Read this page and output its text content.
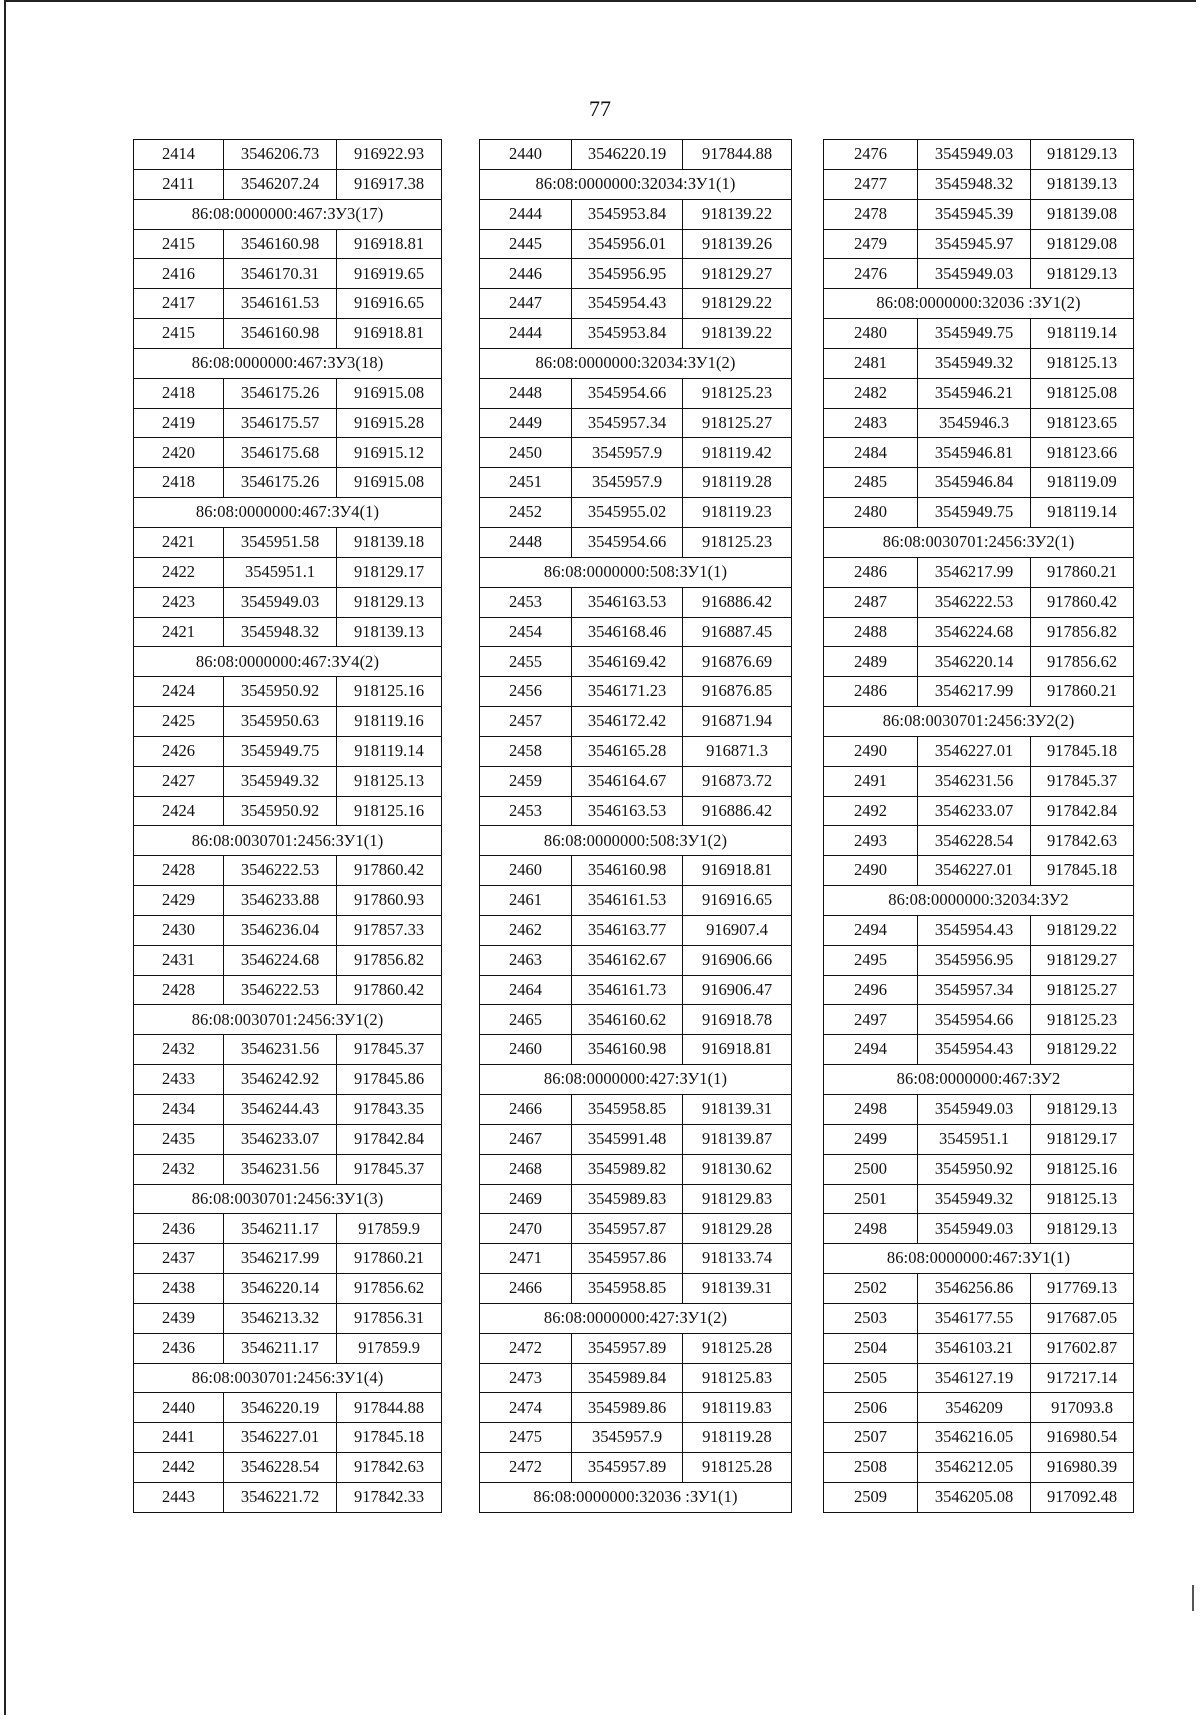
77
2414	3546206.73	916922.93
2411	3546207.24	916917.38
86:08:0000000:467:ЗУ3(17)		
2415	3546160.98	916918.81
2416	3546170.31	916919.65
2417	3546161.53	916916.65
2415	3546160.98	916918.81
86:08:0000000:467:ЗУ3(18)		
2418	3546175.26	916915.08
2419	3546175.57	916915.28
2420	3546175.68	916915.12
2418	3546175.26	916915.08
86:08:0000000:467:ЗУ4(1)		
2421	3545951.58	918139.18
2422	3545951.1	918129.17
2423	3545949.03	918129.13
2421	3545948.32	918139.13
86:08:0000000:467:ЗУ4(2)		
2424	3545950.92	918125.16
2425	3545950.63	918119.16
2426	3545949.75	918119.14
2427	3545949.32	918125.13
2424	3545950.92	918125.16
86:08:0030701:2456:ЗУ1(1)		
2428	3546222.53	917860.42
2429	3546233.88	917860.93
2430	3546236.04	917857.33
2431	3546224.68	917856.82
2428	3546222.53	917860.42
86:08:0030701:2456:ЗУ1(2)		
2432	3546231.56	917845.37
2433	3546242.92	917845.86
2434	3546244.43	917843.35
2435	3546233.07	917842.84
2432	3546231.56	917845.37
86:08:0030701:2456:ЗУ1(3)		
2436	3546211.17	917859.9
2437	3546217.99	917860.21
2438	3546220.14	917856.62
2439	3546213.32	917856.31
2436	3546211.17	917859.9
86:08:0030701:2456:ЗУ1(4)		
2440	3546220.19	917844.88
2441	3546227.01	917845.18
2442	3546228.54	917842.63
2443	3546221.72	917842.33
2440	3546220.19	917844.88
86:08:0000000:32034:ЗУ1(1)		
2444	3545953.84	918139.22
2445	3545956.01	918139.26
2446	3545956.95	918129.27
2447	3545954.43	918129.22
2444	3545953.84	918139.22
86:08:0000000:32034:ЗУ1(2)		
2448	3545954.66	918125.23
2449	3545957.34	918125.27
2450	3545957.9	918119.42
2451	3545957.9	918119.28
2452	3545955.02	918119.23
2448	3545954.66	918125.23
86:08:0000000:508:ЗУ1(1)		
2453	3546163.53	916886.42
2454	3546168.46	916887.45
2455	3546169.42	916876.69
2456	3546171.23	916876.85
2457	3546172.42	916871.94
2458	3546165.28	916871.3
2459	3546164.67	916873.72
2453	3546163.53	916886.42
86:08:0000000:508:ЗУ1(2)		
2460	3546160.98	916918.81
2461	3546161.53	916916.65
2462	3546163.77	916907.4
2463	3546162.67	916906.66
2464	3546161.73	916906.47
2465	3546160.62	916918.78
2460	3546160.98	916918.81
86:08:0000000:427:ЗУ1(1)		
2466	3545958.85	918139.31
2467	3545991.48	918139.87
2468	3545989.82	918130.62
2469	3545989.83	918129.83
2470	3545957.87	918129.28
2471	3545957.86	918133.74
2466	3545958.85	918139.31
86:08:0000000:427:ЗУ1(2)		
2472	3545957.89	918125.28
2473	3545989.84	918125.83
2474	3545989.86	918119.83
2475	3545957.9	918119.28
2472	3545957.89	918125.28
86:08:0000000:32036 :ЗУ1(1)		
2476	3545949.03	918129.13
2477	3545948.32	918139.13
2478	3545945.39	918139.08
2479	3545945.97	918129.08
2476	3545949.03	918129.13
86:08:0000000:32036 :ЗУ1(2)		
2480	3545949.75	918119.14
2481	3545949.32	918125.13
2482	3545946.21	918125.08
2483	3545946.3	918123.65
2484	3545946.81	918123.66
2485	3545946.84	918119.09
2480	3545949.75	918119.14
86:08:0030701:2456:ЗУ2(1)		
2486	3546217.99	917860.21
2487	3546222.53	917860.42
2488	3546224.68	917856.82
2489	3546220.14	917856.62
2486	3546217.99	917860.21
86:08:0030701:2456:ЗУ2(2)		
2490	3546227.01	917845.18
2491	3546231.56	917845.37
2492	3546233.07	917842.84
2493	3546228.54	917842.63
2490	3546227.01	917845.18
86:08:0000000:32034:ЗУ2		
2494	3545954.43	918129.22
2495	3545956.95	918129.27
2496	3545957.34	918125.27
2497	3545954.66	918125.23
2494	3545954.43	918129.22
86:08:0000000:467:ЗУ2		
2498	3545949.03	918129.13
2499	3545951.1	918129.17
2500	3545950.92	918125.16
2501	3545949.32	918125.13
2498	3545949.03	918129.13
86:08:0000000:467:ЗУ1(1)		
2502	3546256.86	917769.13
2503	3546177.55	917687.05
2504	3546103.21	917602.87
2505	3546127.19	917217.14
2506	3546209	917093.8
2507	3546216.05	916980.54
2508	3546212.05	916980.39
2509	3546205.08	917092.48
